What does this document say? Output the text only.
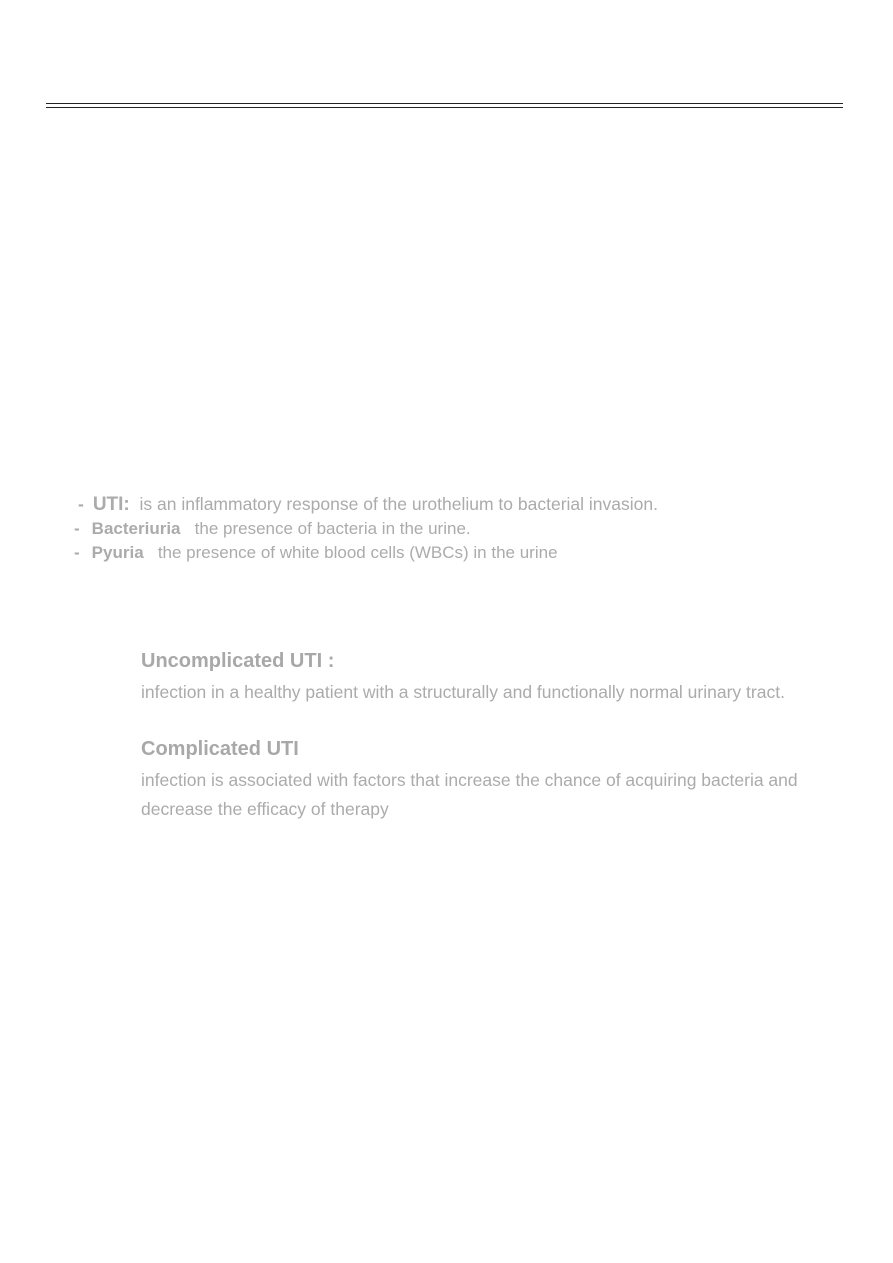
- UTI: is an inflammatory response of the urothelium to bacterial invasion.
- Bacteriuria the presence of bacteria in the urine.
- Pyuria the presence of white blood cells (WBCs) in the urine
Uncomplicated UTI :

infection in a healthy patient with a structurally and functionally normal urinary tract.

Complicated UTI

infection is associated with factors that increase the chance of acquiring bacteria and decrease the efficacy of therapy
